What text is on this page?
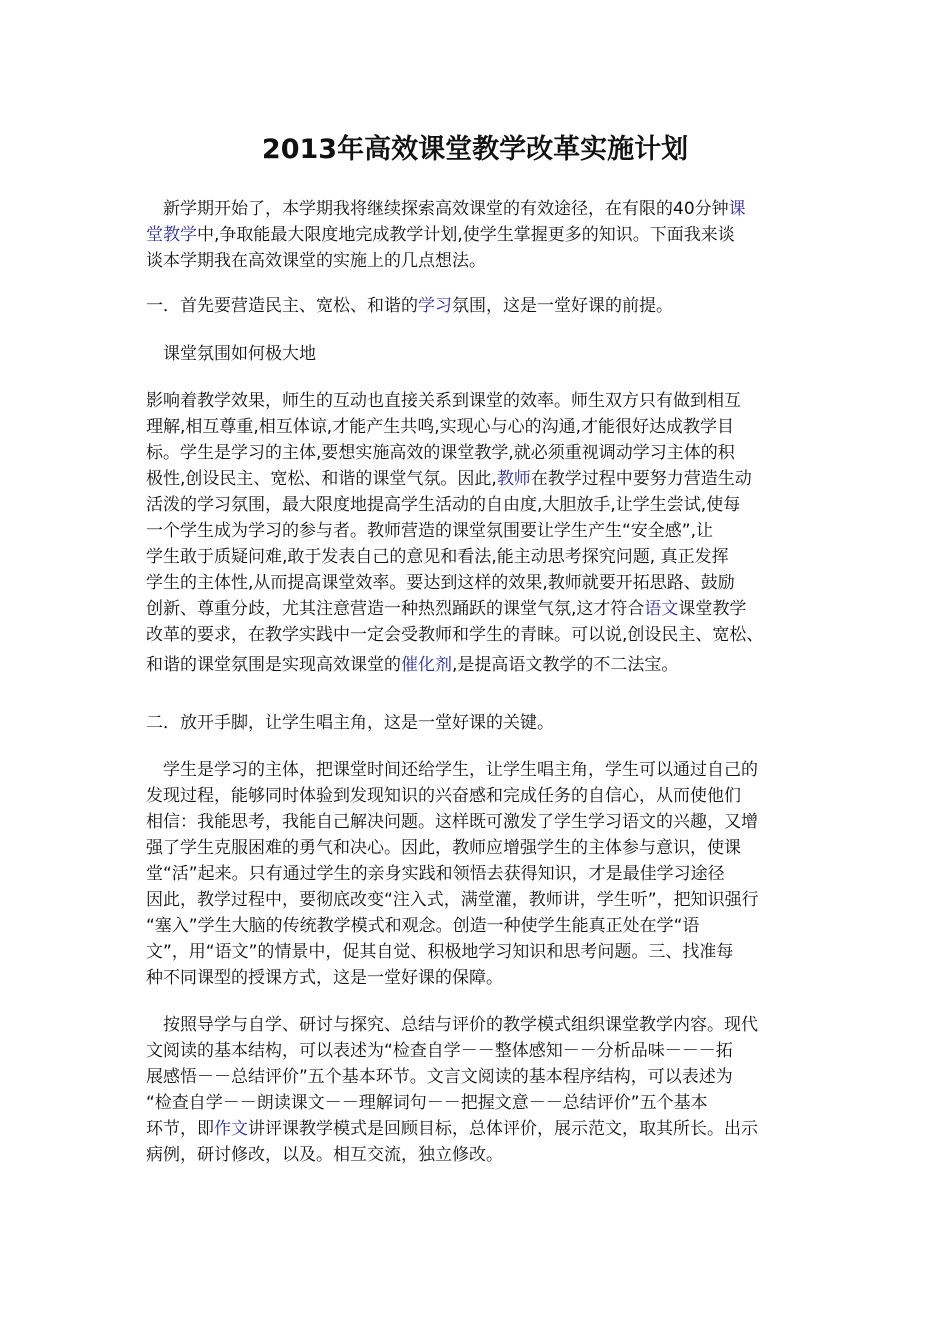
2013年高效课堂教学改革实施计划
　新学期开始了，本学期我将继续探索高效课堂的有效途径，在有限的40分钟课
堂教学中,争取能最大限度地完成教学计划,使学生掌握更多的知识。下面我来谈
谈本学期我在高效课堂的实施上的几点想法。
一．首先要营造民主、宽松、和谐的学习氛围，这是一堂好课的前提。
　课堂氛围如何极大地
影响着教学效果，师生的互动也直接关系到课堂的效率。师生双方只有做到相互
理解,相互尊重,相互体谅,才能产生共鸣,实现心与心的沟通,才能很好达成教学目
标。学生是学习的主体,要想实施高效的课堂教学,就必须重视调动学习主体的积
极性,创设民主、宽松、和谐的课堂气氛。因此,教师在教学过程中要努力营造生动
活泼的学习氛围，最大限度地提高学生活动的自由度,大胆放手,让学生尝试,使每
一个学生成为学习的参与者。教师营造的课堂氛围要让学生产生“安全感”,让
学生敢于质疑问难,敢于发表自己的意见和看法,能主动思考探究问题, 真正发挥
学生的主体性,从而提高课堂效率。要达到这样的效果,教师就要开拓思路、鼓励
创新、尊重分歧，尤其注意营造一种热烈踊跃的课堂气氛,这才符合语文课堂教学
改革的要求，在教学实践中一定会受教师和学生的青睐。可以说,创设民主、宽松、
和谐的课堂氛围是实现高效课堂的催化剂,是提高语文教学的不二法宝。
二．放开手脚，让学生唱主角，这是一堂好课的关键。
　学生是学习的主体，把课堂时间还给学生，让学生唱主角，学生可以通过自己的
发现过程，能够同时体验到发现知识的兴奋感和完成任务的自信心，从而使他们
相信：我能思考，我能自己解决问题。这样既可激发了学生学习语文的兴趣，又增
强了学生克服困难的勇气和决心。因此，教师应增强学生的主体参与意识，使课
堂“活”起来。只有通过学生的亲身实践和领悟去获得知识，才是最佳学习途径
因此，教学过程中，要彻底改变“注入式，满堂灌，教师讲，学生听”，把知识强行
“塞入”学生大脑的传统教学模式和观念。创造一种使学生能真正处在学“语
文”，用“语文”的情景中，促其自觉、积极地学习知识和思考问题。三、找准每
种不同课型的授课方式，这是一堂好课的保障。
　按照导学与自学、研讨与探究、总结与评价的教学模式组织课堂教学内容。现代
文阅读的基本结构，可以表述为“检查自学－－整体感知－－分析品味－－－拓
展感悟－－总结评价”五个基本环节。文言文阅读的基本程序结构，可以表述为
“检查自学－－朗读课文－－理解词句－－把握文意－－总结评价”五个基本
环节，即作文讲评课教学模式是回顾目标，总体评价，展示范文，取其所长。出示
病例，研讨修改，以及。相互交流，独立修改。
